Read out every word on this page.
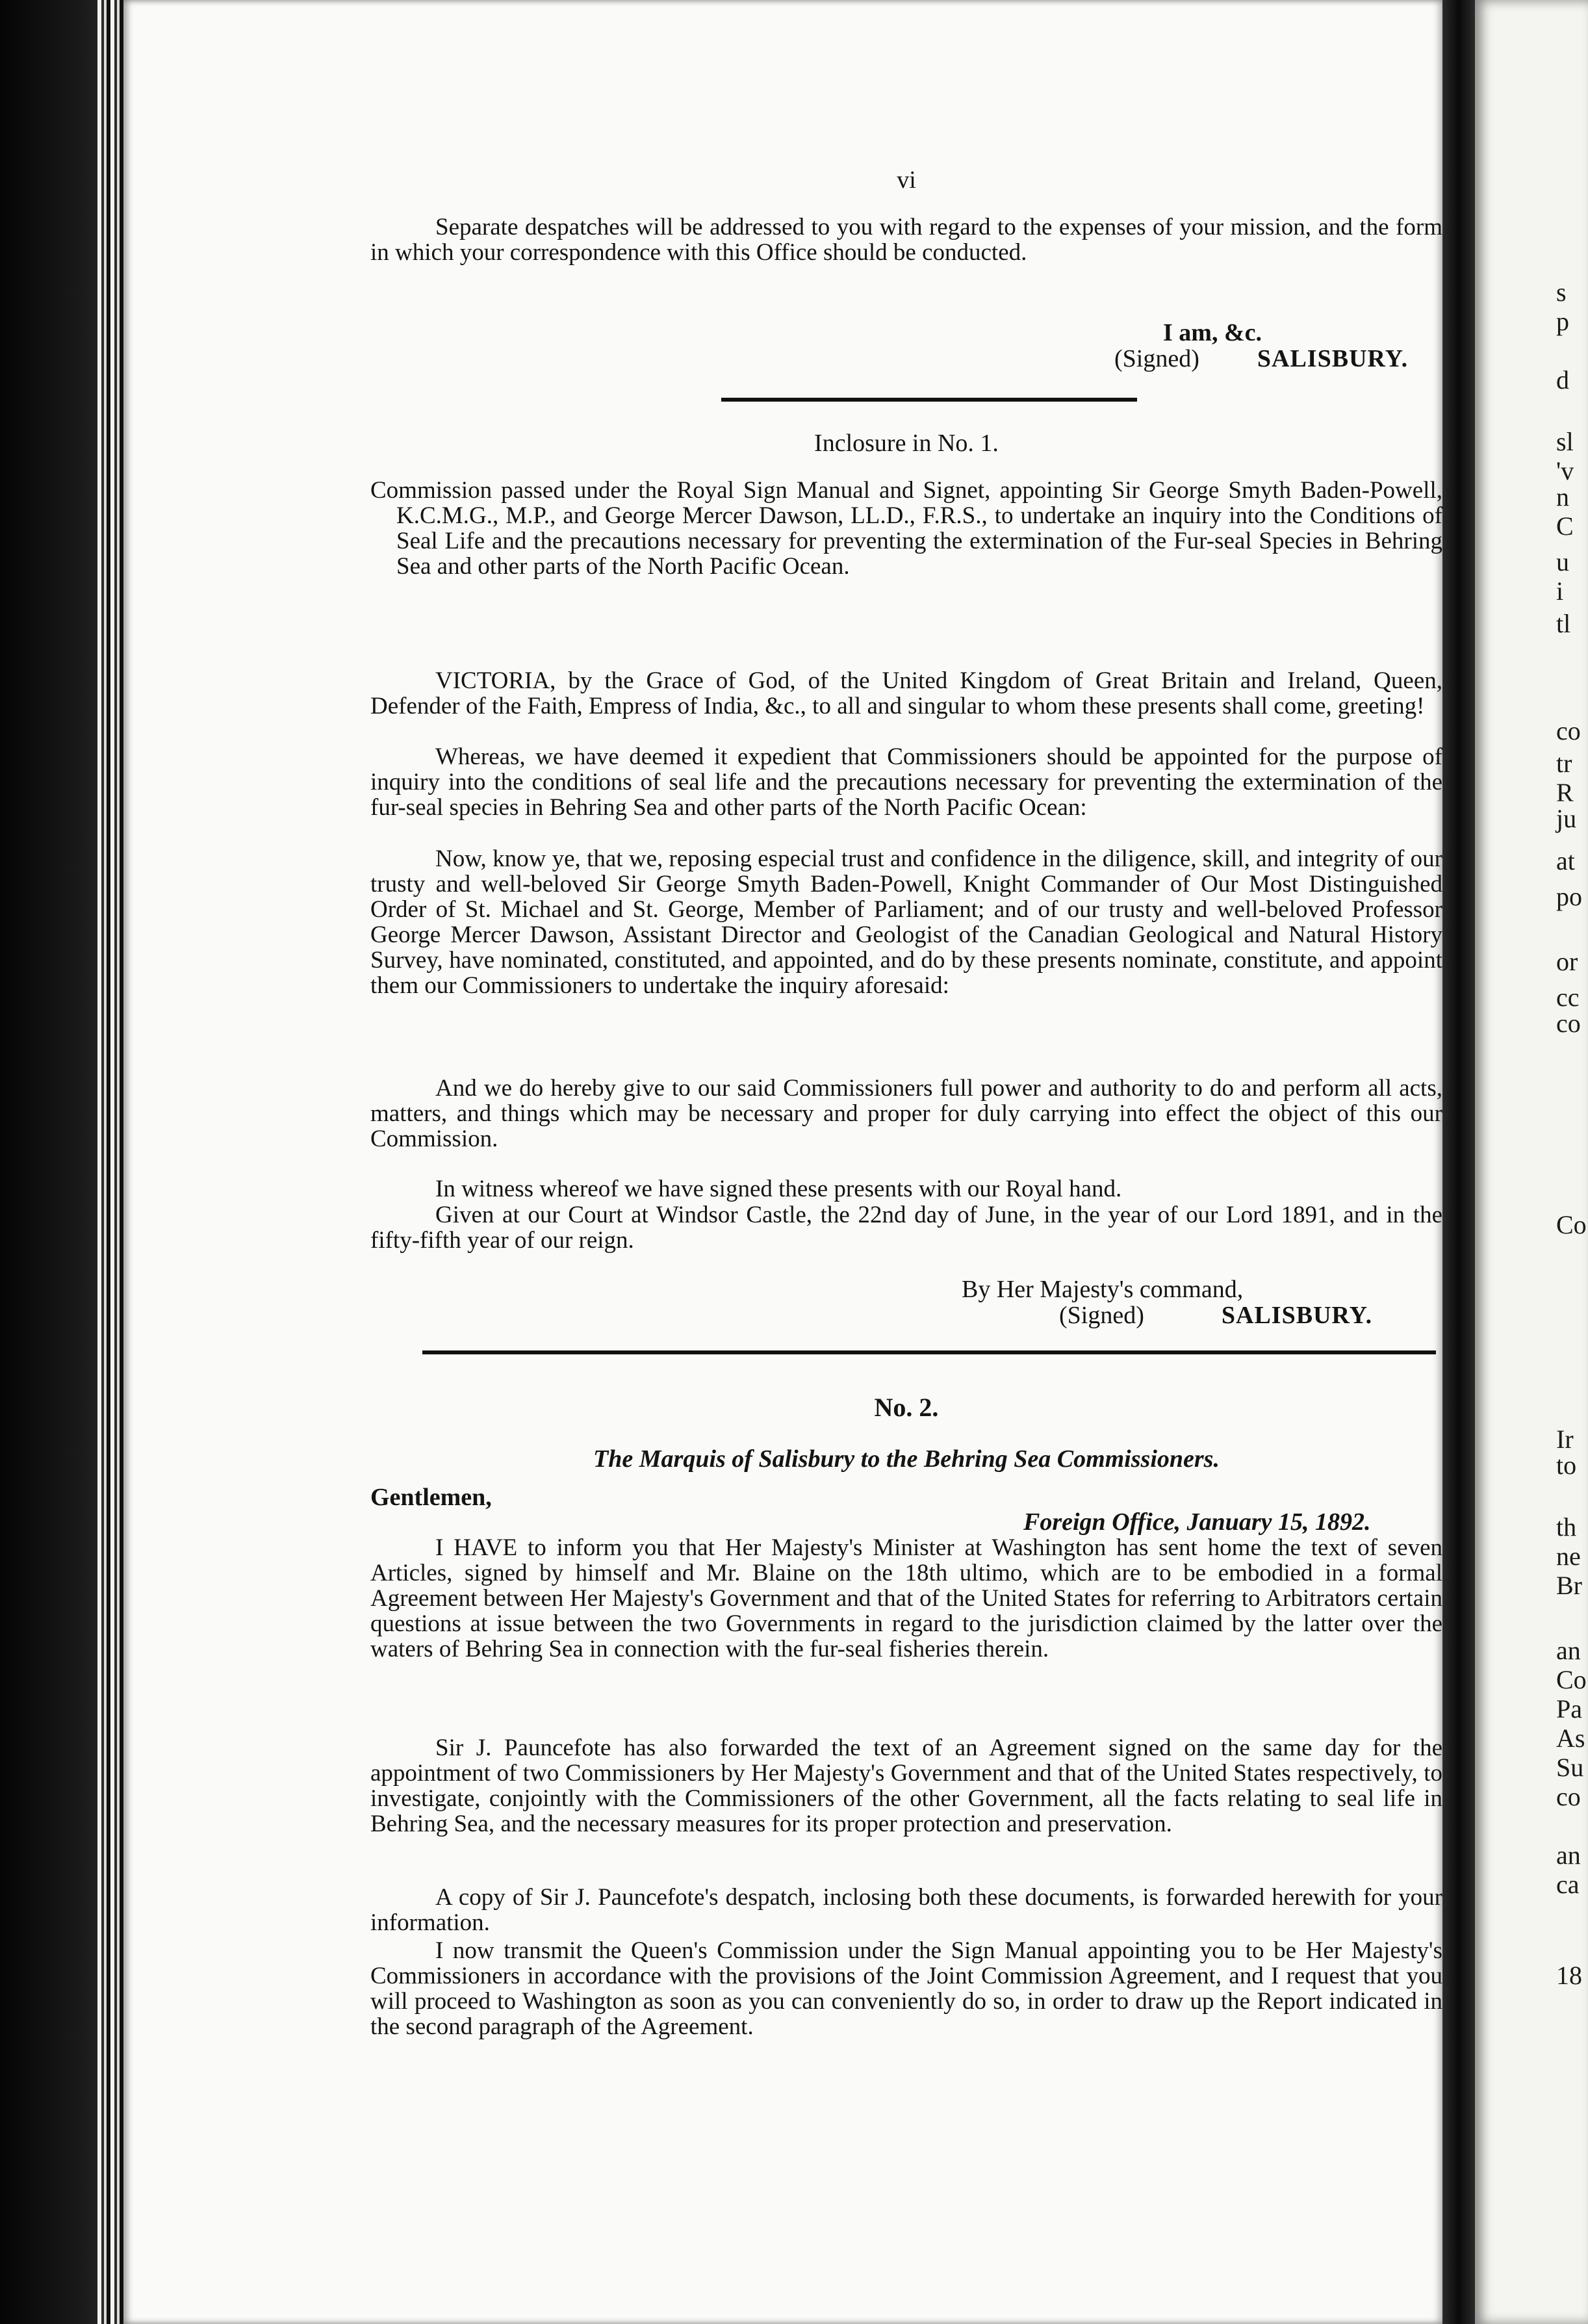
vi

Separate despatches will be addressed to you with regard to the expenses of your mission, and the form in which your correspondence with this Office should be conducted.

I am, &c.
(Signed) SALISBURY.
Inclosure in No. 1.

Commission passed under the Royal Sign Manual and Signet, appointing Sir George Smyth Baden-Powell, K.C.M.G., M.P., and George Mercer Dawson, LL.D., F.R.S., to undertake an inquiry into the Conditions of Seal Life and the precautions necessary for preventing the extermination of the Fur-seal Species in Behring Sea and other parts of the North Pacific Ocean.

VICTORIA, by the Grace of God, of the United Kingdom of Great Britain and Ireland, Queen, Defender of the Faith, Empress of India, &c., to all and singular to whom these presents shall come, greeting!

Whereas, we have deemed it expedient that Commissioners should be appointed for the purpose of inquiry into the conditions of seal life and the precautions necessary for preventing the extermination of the fur-seal species in Behring Sea and other parts of the North Pacific Ocean:

Now, know ye, that we, reposing especial trust and confidence in the diligence, skill, and integrity of our trusty and well-beloved Sir George Smyth Baden-Powell, Knight Commander of Our Most Distinguished Order of St. Michael and St. George, Member of Parliament; and of our trusty and well-beloved Professor George Mercer Dawson, Assistant Director and Geologist of the Canadian Geological and Natural History Survey, have nominated, constituted, and appointed, and do by these presents nominate, constitute, and appoint them our Commissioners to undertake the inquiry aforesaid:

And we do hereby give to our said Commissioners full power and authority to do and perform all acts, matters, and things which may be necessary and proper for duly carrying into effect the object of this our Commission.

In witness whereof we have signed these presents with our Royal hand.

Given at our Court at Windsor Castle, the 22nd day of June, in the year of our Lord 1891, and in the fifty-fifth year of our reign.

By Her Majesty's command,
(Signed)	SALISBURY.
No. 2.
The Marquis of Salisbury to the Behring Sea Commissioners.
Gentlemen,
Foreign Office, January 15, 1892.

I HAVE to inform you that Her Majesty's Minister at Washington has sent home the text of seven Articles, signed by himself and Mr. Blaine on the 18th ultimo, which are to be embodied in a formal Agreement between Her Majesty's Government and that of the United States for referring to Arbitrators certain questions at issue between the two Governments in regard to the jurisdiction claimed by the latter over the waters of Behring Sea in connection with the fur-seal fisheries therein.

Sir J. Pauncefote has also forwarded the text of an Agreement signed on the same day for the appointment of two Commissioners by Her Majesty's Government and that of the United States respectively, to investigate, conjointly with the Commissioners of the other Government, all the facts relating to seal life in Behring Sea, and the necessary measures for its proper protection and preservation.

A copy of Sir J. Pauncefote's despatch, inclosing both these documents, is forwarded herewith for your information.

I now transmit the Queen's Commission under the Sign Manual appointing you to be Her Majesty's Commissioners in accordance with the provisions of the Joint Commission Agreement, and I request that you will proceed to Washington as soon as you can conveniently do so, in order to draw up the Report indicated in the second paragraph of the Agreement.

s
p
d
sl
'v
n
C
u
i
tl
co
tr
R
ju
at
po
or
cc
co
Co
Ir
to
th
ne
Br
an
Co
Pa
As
Su
co
an
ca
18
